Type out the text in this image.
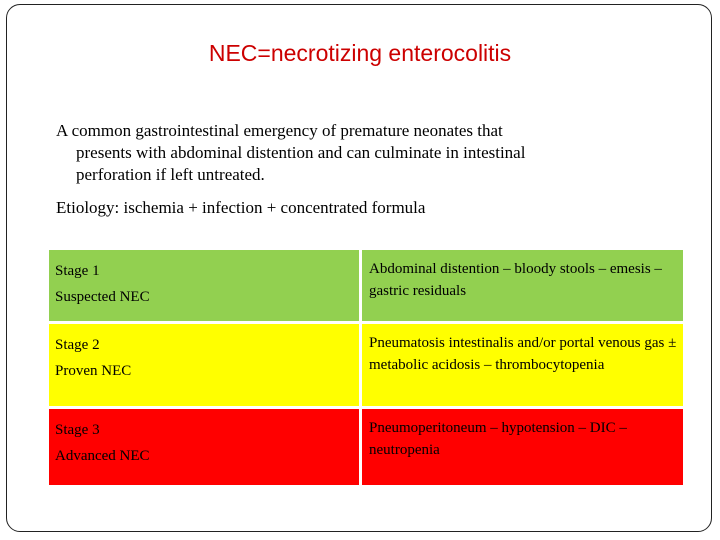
NEC=necrotizing enterocolitis
A common gastrointestinal emergency of premature neonates that
presents with abdominal distention and can culminate in intestinal
perforation if left untreated.
Etiology: ischemia + infection + concentrated formula
Stage 1
Suspected NEC	Abdominal distention – bloody stools – emesis – gastric residuals

Stage 2
Proven NEC	Pneumatosis intestinalis and/or portal venous gas ± metabolic acidosis – thrombocytopenia

Stage 3
Advanced NEC	Pneumoperitoneum – hypotension – DIC – neutropenia
